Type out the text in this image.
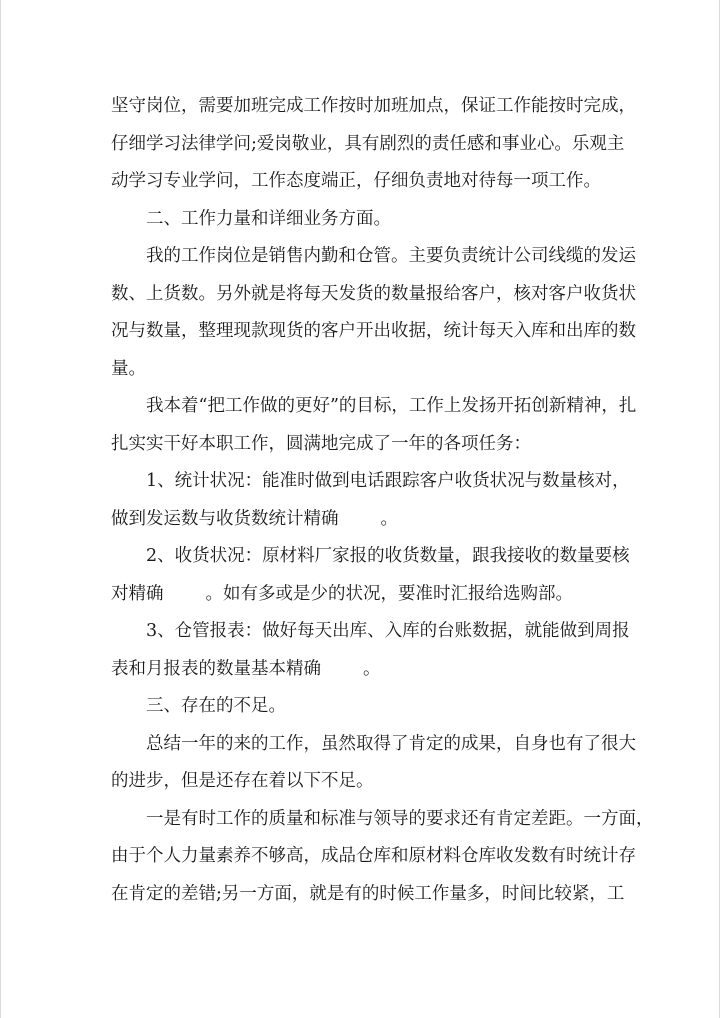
坚 守 岗 位 ， 需 要 加 班 完 成 工 作 按 时 加 班 加 点 ， 保 证 工 作 能 按 时 完 成 ，
仔 细 学 习 法 律 学 问 ; 爱 岗 敬 业 ， 具 有 剧 烈 的 责 任 感 和 事 业 心 。 乐 观 主
动学习专业学问，工作态度端正，仔细负责地对待每一项工作。
二、工作力量和详细业务方面。
我 的 工 作 岗 位 是 销 售 内 勤 和 仓 管 。 主 要 负 责 统 计 公 司 线 缆 的 发 运
数 、 上 货 数 。 另 外 就 是 将 每 天 发 货 的 数 量 报 给 客 户 ， 核 对 客 户 收 货 状
况 与 数 量 ， 整 理 现 款 现 货 的 客 户 开 出 收 据 ， 统 计 每 天 入 库 和 出 库 的 数
量。
我 本 着 “ 把 工 作 做 的 更 好 ” 的 目 标 ， 工 作 上 发 扬 开 拓 创 新 精 神 ， 扎
扎实实干好本职工作，圆满地完成了一年的各项任务：
1 、 统 计 状 况 ： 能 准 时 做 到 电 话 跟 踪 客 户 收 货 状 况 与 数 量 核 对 ，
做到发运数与收货数统计精确 。
2 、 收 货 状 况 ： 原 材 料 厂 家 报 的 收 货 数 量 ， 跟 我 接 收 的 数 量 要 核
对精确 。如有多或是少的状况，要准时汇报给选购部。
3 、 仓 管 报 表 ： 做 好 每 天 出 库 、 入 库 的 台 账 数 据 ， 就 能 做 到 周 报
表和月报表的数量基本精确 。
三、存在的不足。
总 结 一 年 的 来 的 工 作 ， 虽 然 取 得 了 肯 定 的 成 果 ， 自 身 也 有 了 很 大
的进步，但是还存在着以下不足。
一 是 有 时 工 作 的 质 量 和 标 准 与 领 导 的 要 求 还 有 肯 定 差 距 。 一 方 面 ，
由 于 个 人 力 量 素 养 不 够 高 ， 成 品 仓 库 和 原 材 料 仓 库 收 发 数 有 时 统 计 存
在 肯 定 的 差 错 ; 另 一 方 面 ， 就 是 有 的 时 候 工 作 量 多 ， 时 间 比 较 紧 ， 工
